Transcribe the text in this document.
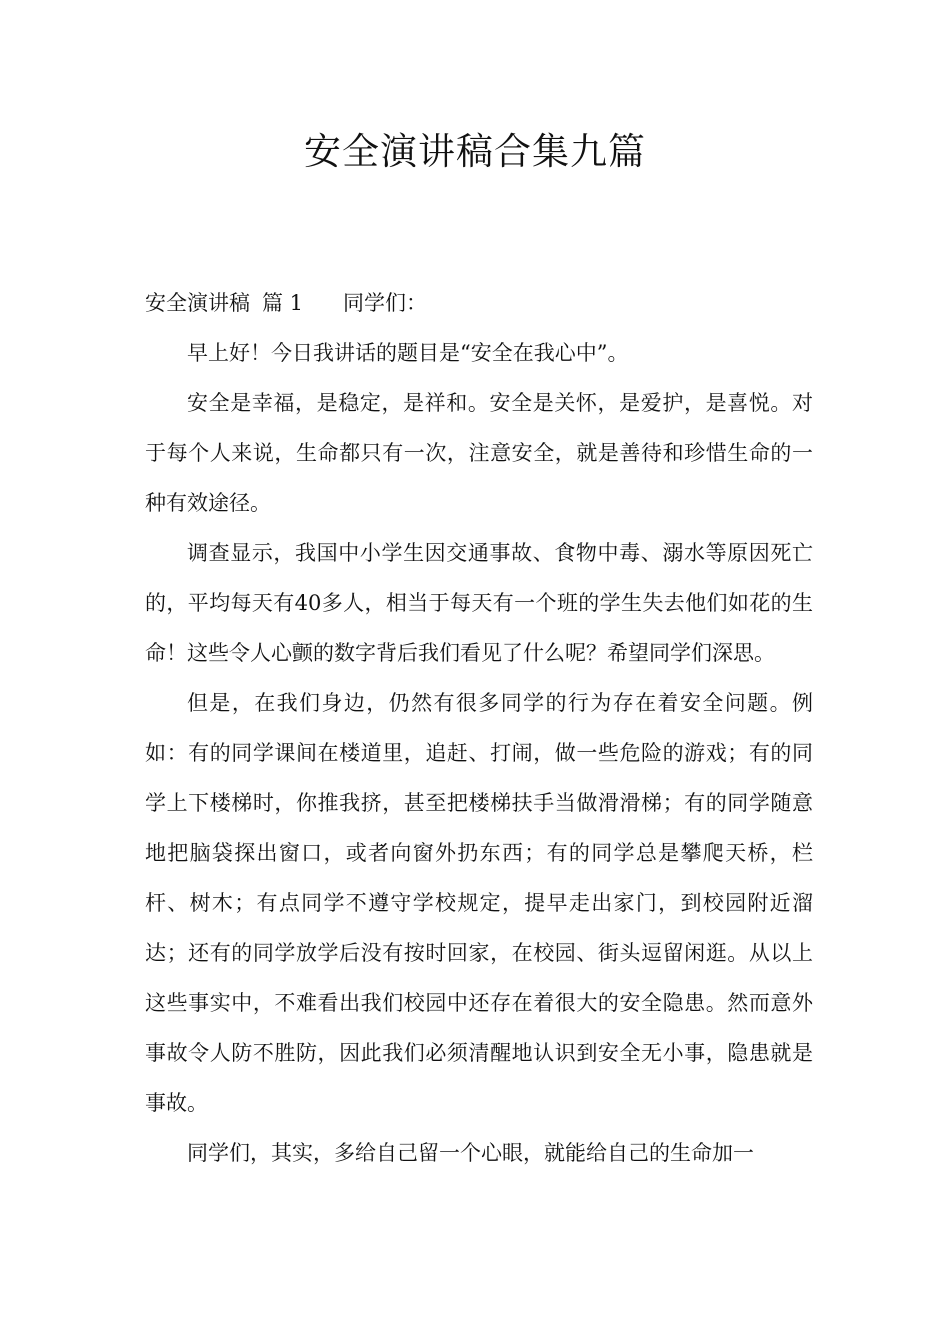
安全演讲稿合集九篇

安全演讲稿 篇 1 同学们：

早上好！今日我讲话的题目是“安全在我心中”。

安全是幸福，是稳定，是祥和。安全是关怀，是爱护，是喜悦。对于每个人来说，生命都只有一次，注意安全，就是善待和珍惜生命的一种有效途径。

调查显示，我国中小学生因交通事故、食物中毒、溺水等原因死亡的，平均每天有40多人，相当于每天有一个班的学生失去他们如花的生命！这些令人心颤的数字背后我们看见了什么呢？希望同学们深思。

但是，在我们身边，仍然有很多同学的行为存在着安全问题。例如：有的同学课间在楼道里，追赶、打闹，做一些危险的游戏；有的同学上下楼梯时，你推我挤，甚至把楼梯扶手当做滑滑梯；有的同学随意地把脑袋探出窗口，或者向窗外扔东西；有的同学总是攀爬天桥，栏杆、树木；有点同学不遵守学校规定，提早走出家门，到校园附近溜达；还有的同学放学后没有按时回家，在校园、街头逗留闲逛。从以上这些事实中，不难看出我们校园中还存在着很大的安全隐患。然而意外事故令人防不胜防，因此我们必须清醒地认识到安全无小事，隐患就是事故。

同学们，其实，多给自己留一个心眼，就能给自己的生命加一
